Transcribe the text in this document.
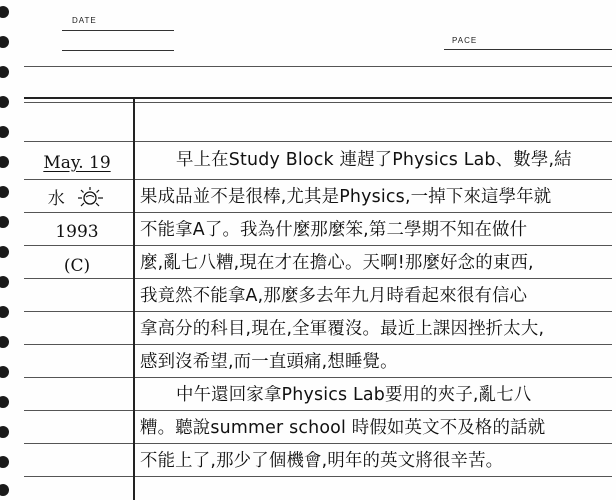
DATE
PACE
May. 19
水
1993
(C)
早上在Study Block 連趕了Physics Lab、數學,結
果成品並不是很棒,尤其是Physics,一掉下來這學年就
不能拿A了。我為什麼那麼笨,第二學期不知在做什
麼,亂七八糟,現在才在擔心。天啊!那麼好念的東西,
我竟然不能拿A,那麼多去年九月時看起來很有信心
拿高分的科目,現在,全軍覆沒。最近上課因挫折太大,
感到沒希望,而一直頭痛,想睡覺。
中午還回家拿Physics Lab要用的夾子,亂七八
糟。聽說summer school 時假如英文不及格的話就
不能上了,那少了個機會,明年的英文將很辛苦。
